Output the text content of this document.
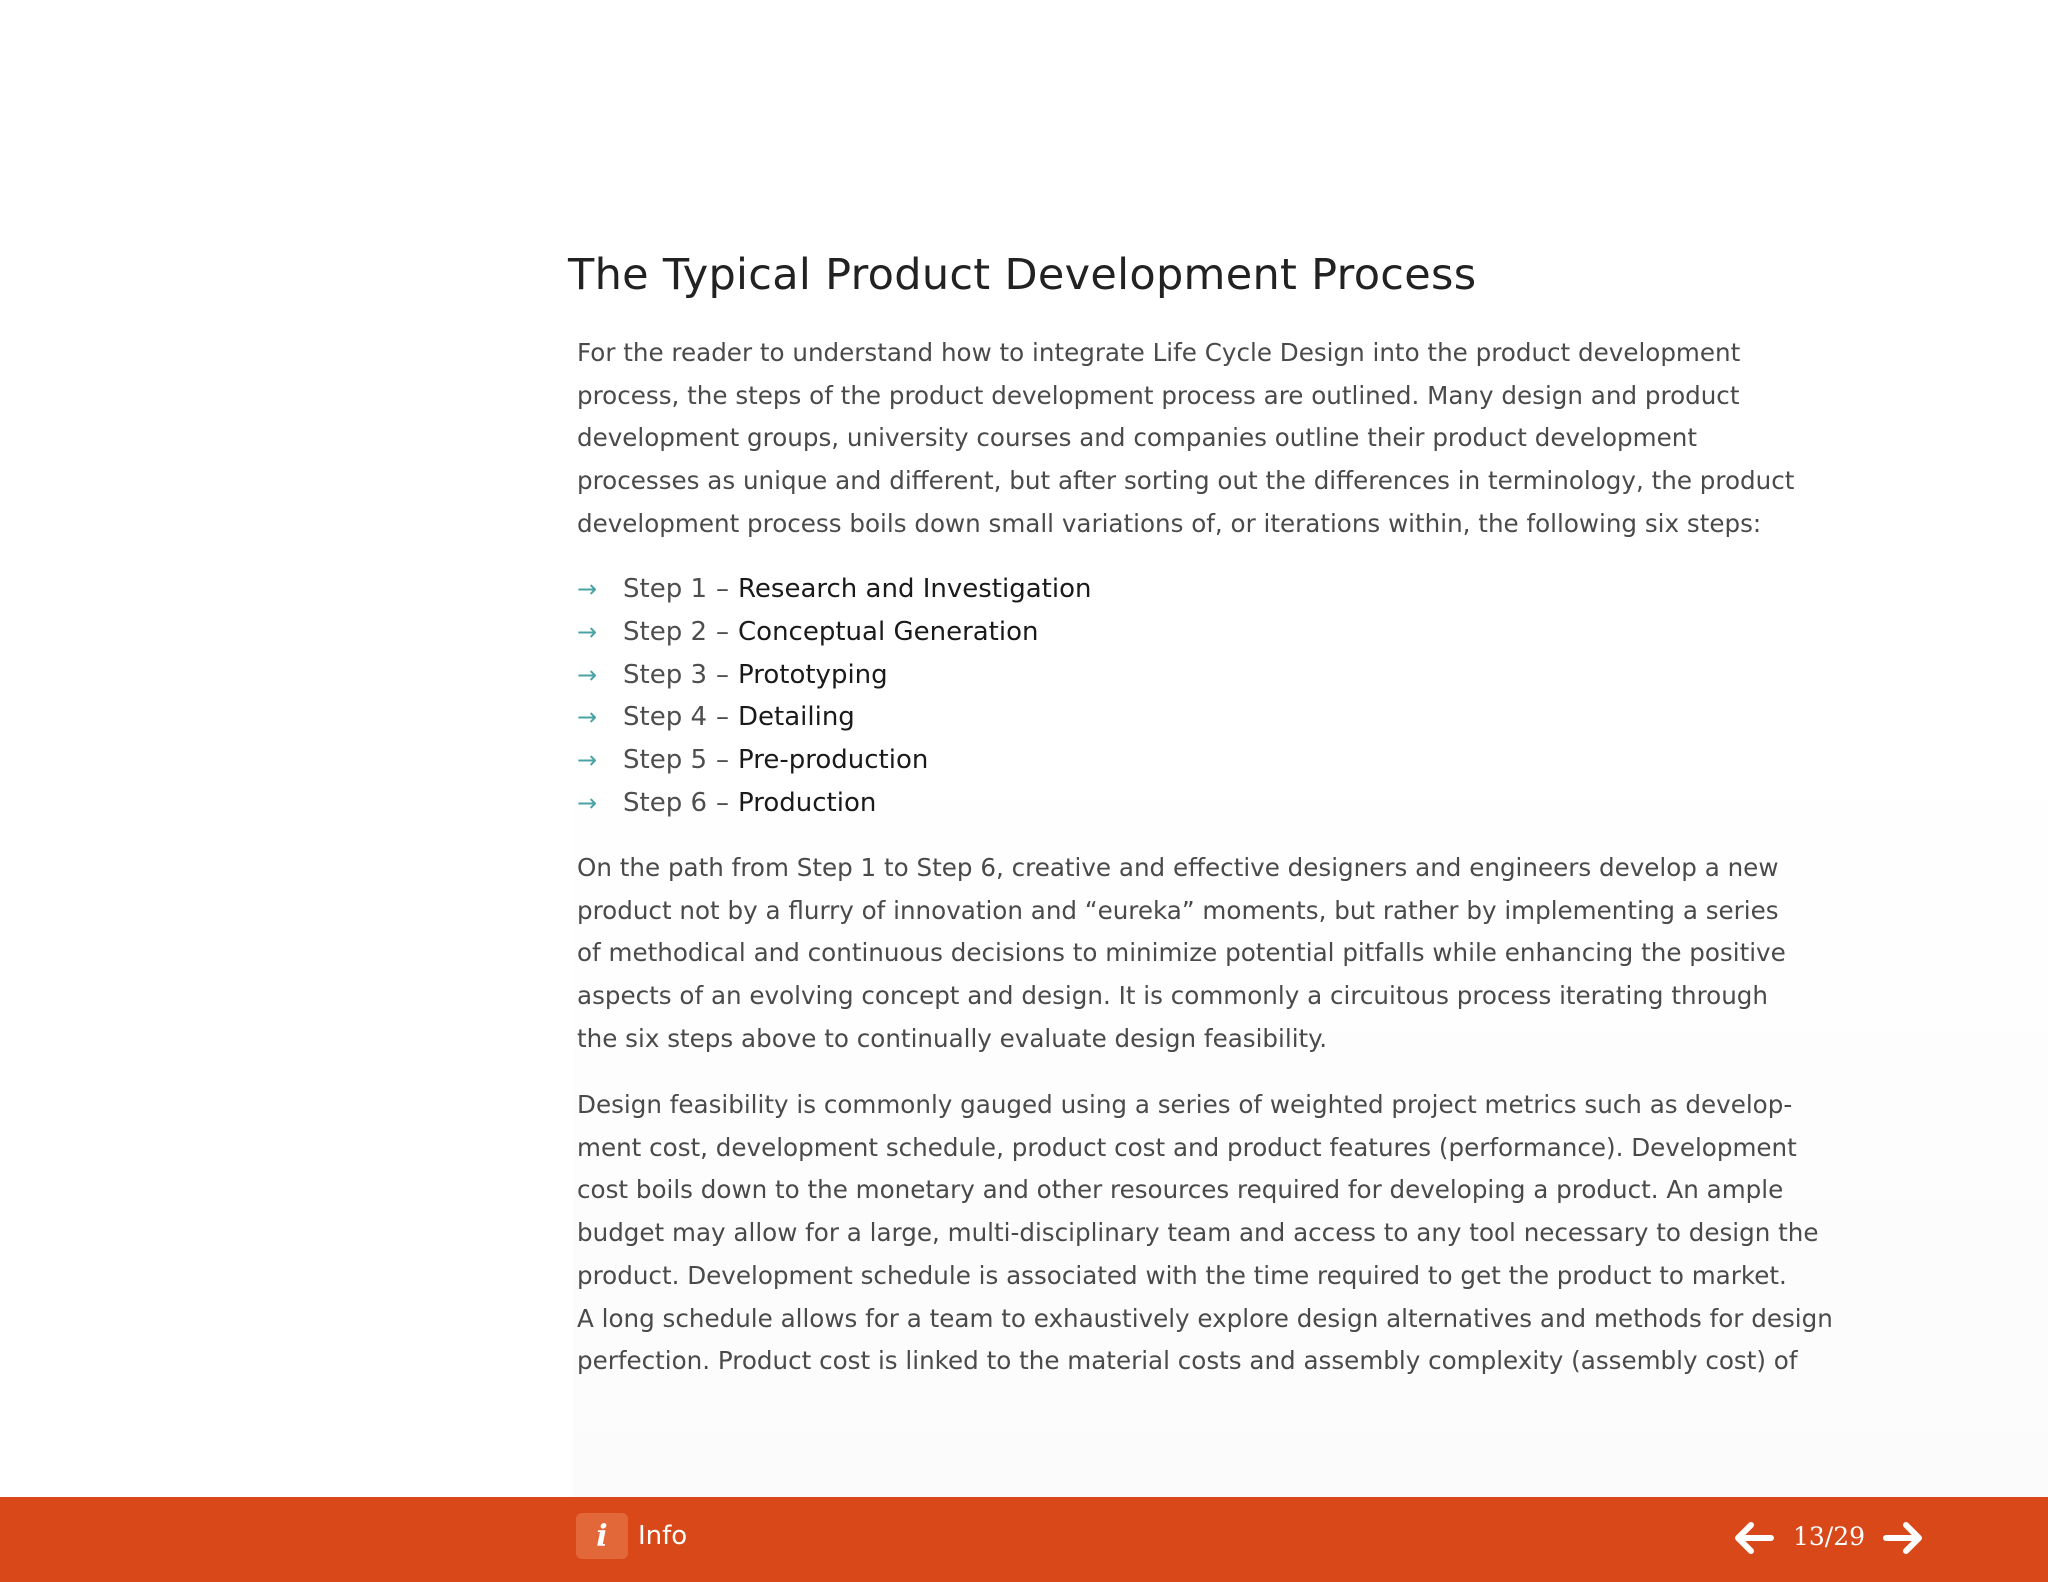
The Typical Product Development Process

For the reader to understand how to integrate Life Cycle Design into the product development
process, the steps of the product development process are outlined. Many design and product
development groups, university courses and companies outline their product development
processes as unique and different, but after sorting out the differences in terminology, the product
development process boils down small variations of, or iterations within, the following six steps:

→ Step 1 – Research and Investigation
→ Step 2 – Conceptual Generation
→ Step 3 – Prototyping
→ Step 4 – Detailing
→ Step 5 – Pre-production
→ Step 6 – Production

On the path from Step 1 to Step 6, creative and effective designers and engineers develop a new
product not by a flurry of innovation and “eureka” moments, but rather by implementing a series
of methodical and continuous decisions to minimize potential pitfalls while enhancing the positive
aspects of an evolving concept and design. It is commonly a circuitous process iterating through
the six steps above to continually evaluate design feasibility.

Design feasibility is commonly gauged using a series of weighted project metrics such as develop-
ment cost, development schedule, product cost and product features (performance). Development
cost boils down to the monetary and other resources required for developing a product. An ample
budget may allow for a large, multi-disciplinary team and access to any tool necessary to design the
product. Development schedule is associated with the time required to get the product to market.
A long schedule allows for a team to exhaustively explore design alternatives and methods for design
perfection. Product cost is linked to the material costs and assembly complexity (assembly cost) of

i	Info	13/29
